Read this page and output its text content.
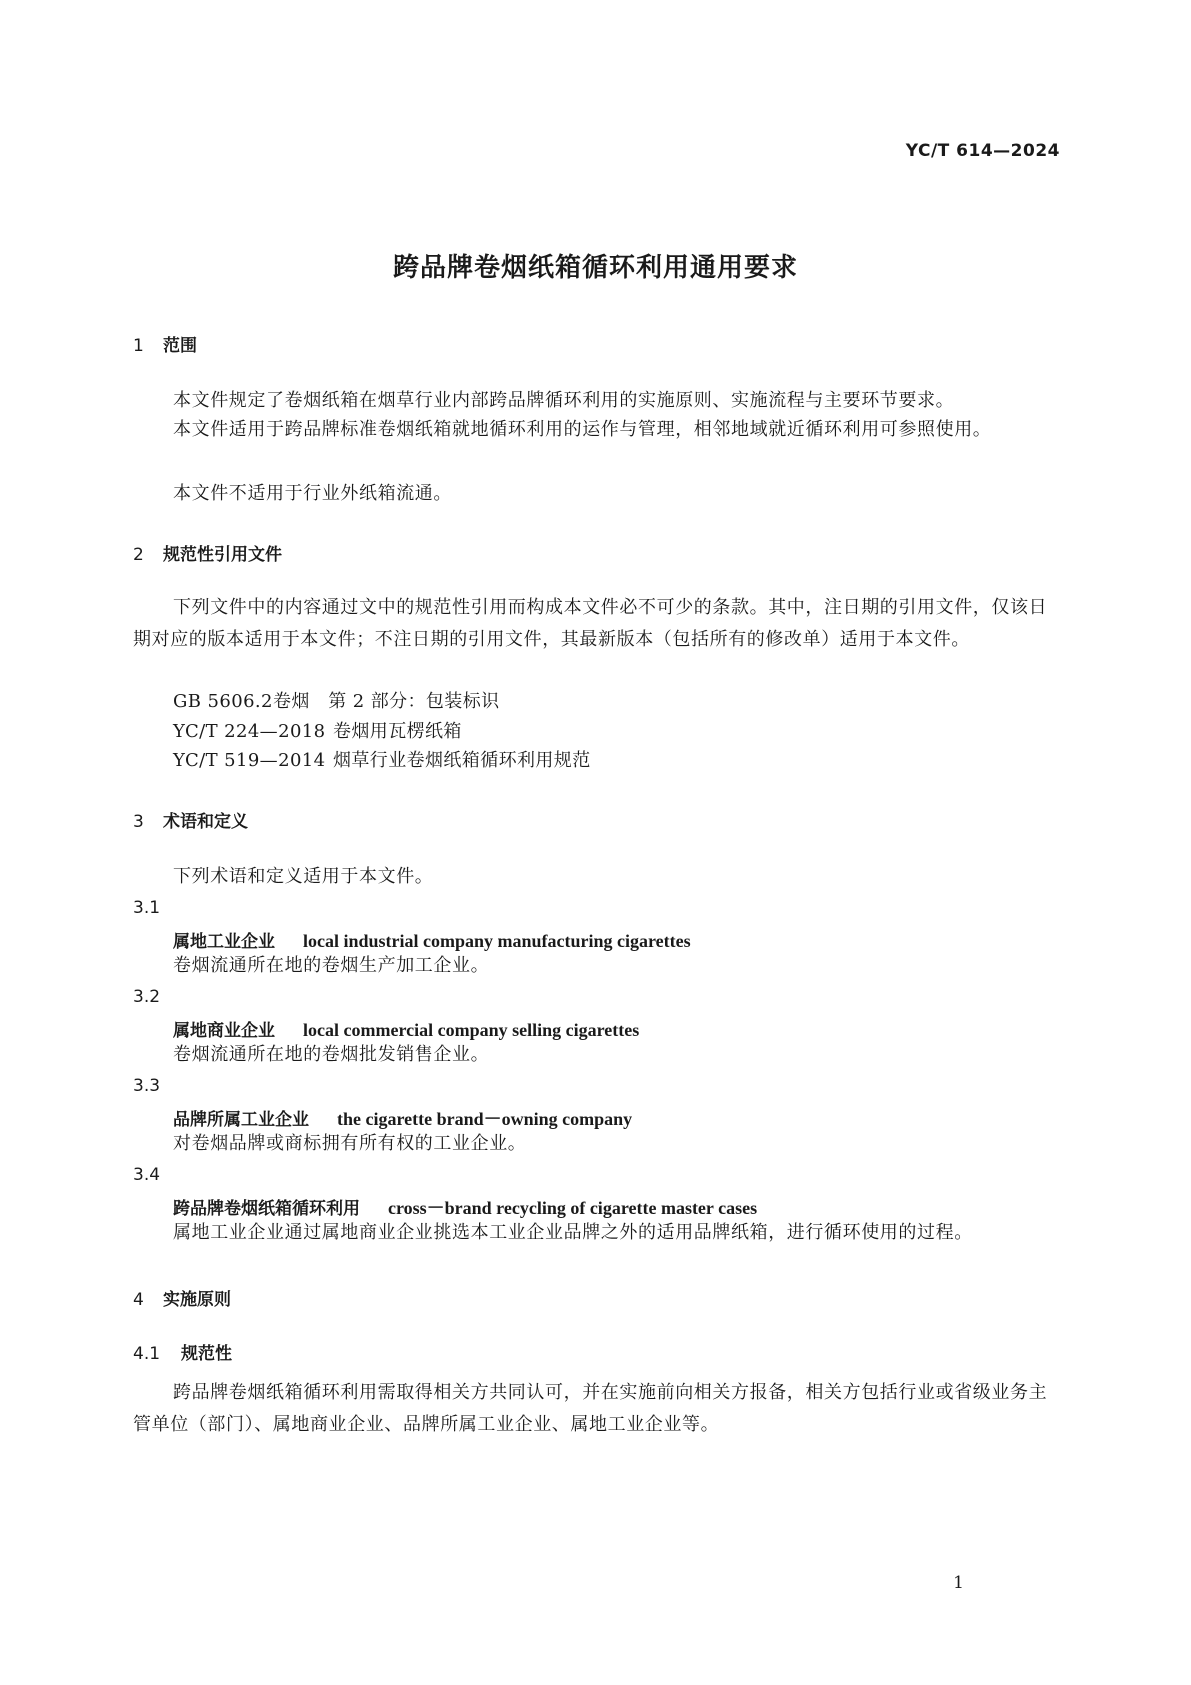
YC/T 614—2024
跨品牌卷烟纸箱循环利用通用要求
1 范围
本文件规定了卷烟纸箱在烟草行业内部跨品牌循环利用的实施原则、实施流程与主要环节要求。
本文件适用于跨品牌标准卷烟纸箱就地循环利用的运作与管理，相邻地域就近循环利用可参照使用。
本文件不适用于行业外纸箱流通。
2 规范性引用文件
下列文件中的内容通过文中的规范性引用而构成本文件必不可少的条款。其中，注日期的引用文件，仅该日期对应的版本适用于本文件；不注日期的引用文件，其最新版本（包括所有的修改单）适用于本文件。
GB 5606.2卷烟　第 2 部分：包装标识
YC/T 224—2018 卷烟用瓦楞纸箱
YC/T 519—2014 烟草行业卷烟纸箱循环利用规范
3 术语和定义
下列术语和定义适用于本文件。
3.1
属地工业企业 local industrial company manufacturing cigarettes
卷烟流通所在地的卷烟生产加工企业。
3.2
属地商业企业 local commercial company selling cigarettes
卷烟流通所在地的卷烟批发销售企业。
3.3
品牌所属工业企业 the cigarette brand－owning company
对卷烟品牌或商标拥有所有权的工业企业。
3.4
跨品牌卷烟纸箱循环利用 cross－brand recycling of cigarette master cases
属地工业企业通过属地商业企业挑选本工业企业品牌之外的适用品牌纸箱，进行循环使用的过程。
4 实施原则
4.1 规范性
跨品牌卷烟纸箱循环利用需取得相关方共同认可，并在实施前向相关方报备，相关方包括行业或省级业务主管单位（部门）、属地商业企业、品牌所属工业企业、属地工业企业等。
1
